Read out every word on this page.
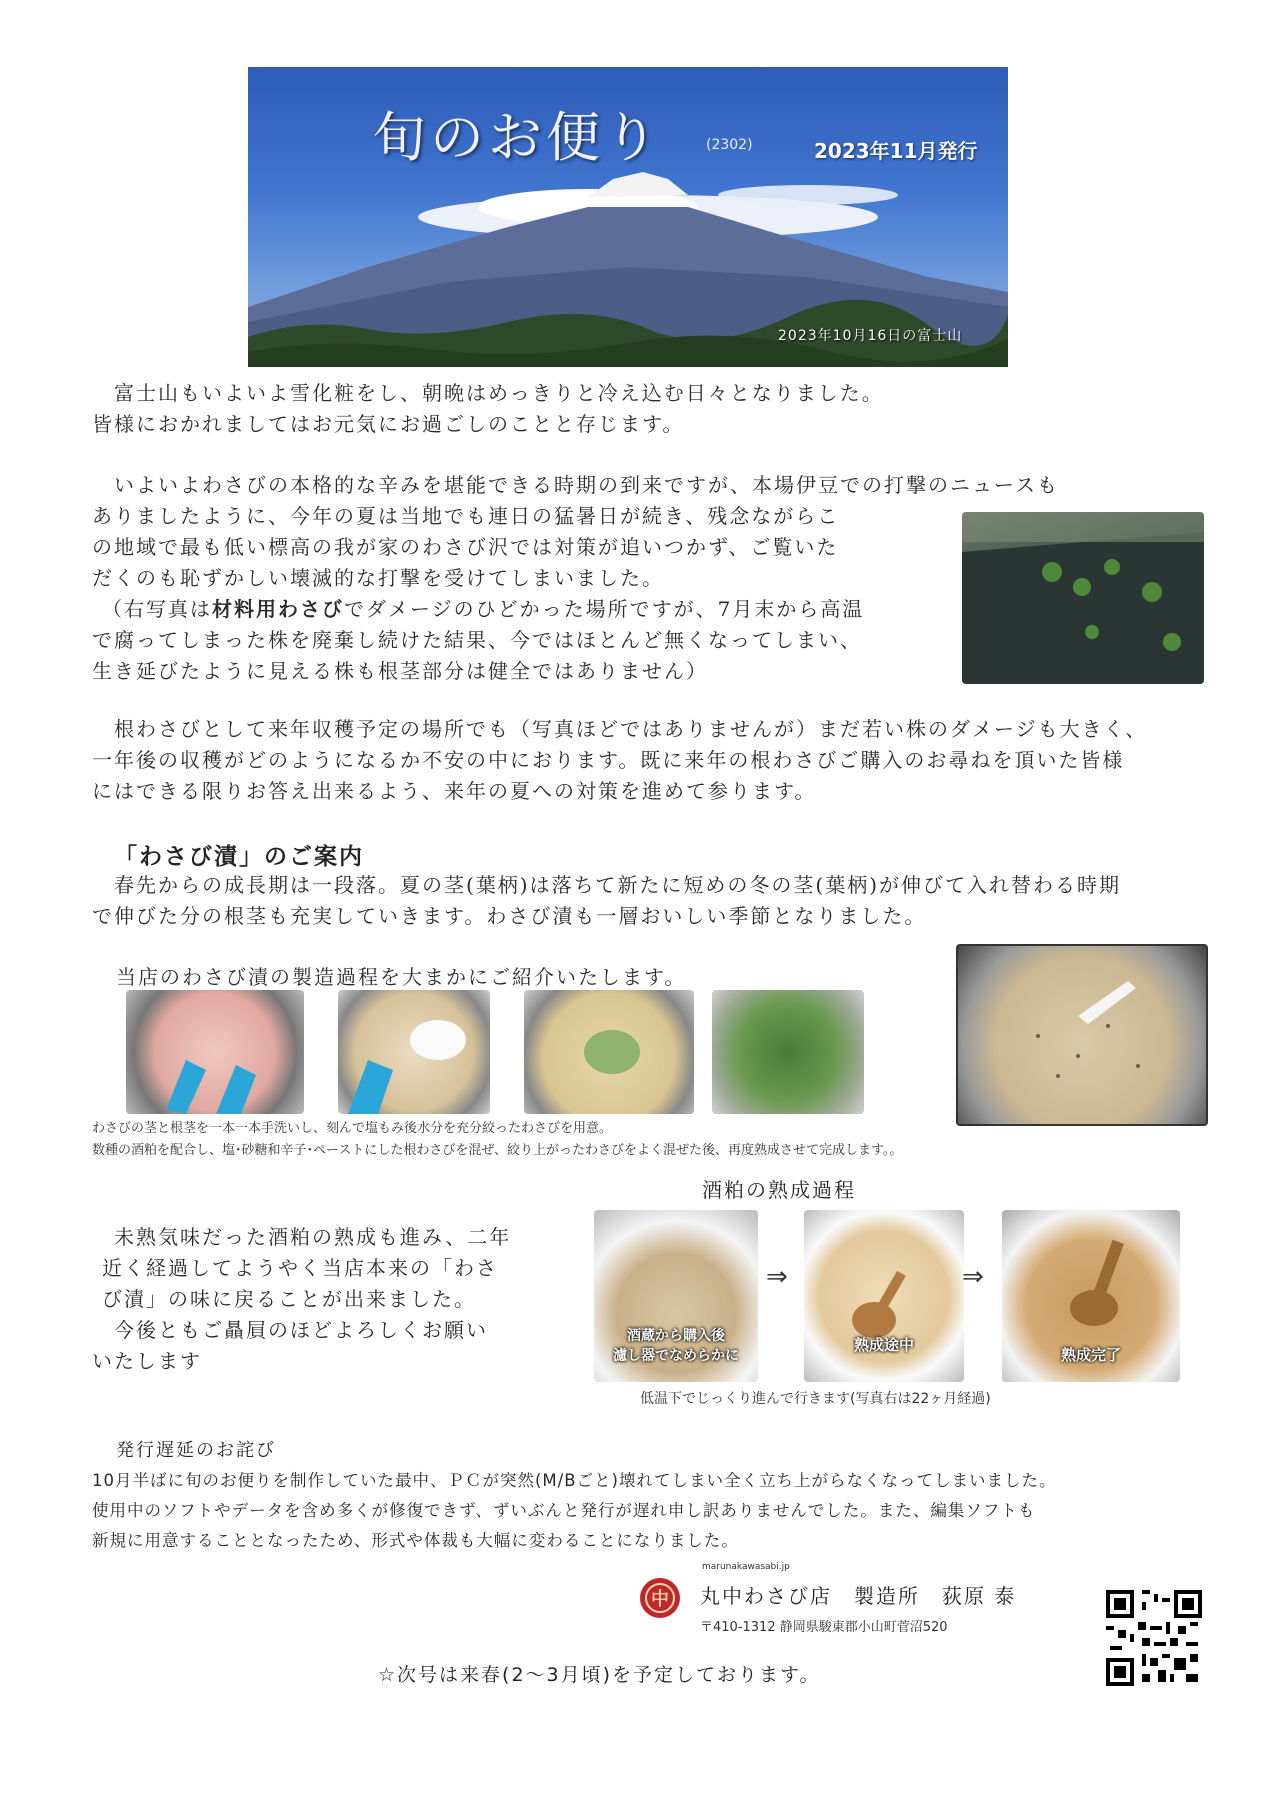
旬のお便り	(2302)	2023年11月発行
2023年10月16日の富士山

富士山もいよいよ雪化粧をし、朝晩はめっきりと冷え込む日々となりました。

皆様におかれましてはお元気にお過ごしのことと存じます。

いよいよわさびの本格的な辛みを堪能できる時期の到来ですが、本場伊豆での打撃のニュースも

ありましたように、今年の夏は当地でも連日の猛暑日が続き、残念ながらこ

の地域で最も低い標高の我が家のわさび沢では対策が追いつかず、ご覧いた

だくのも恥ずかしい壊滅的な打撃を受けてしまいました。

（右写真は材料用わさびでダメージのひどかった場所ですが、7月末から高温

で腐ってしまった株を廃棄し続けた結果、今ではほとんど無くなってしまい、

生き延びたように見える株も根茎部分は健全ではありません）

根わさびとして来年収穫予定の場所でも（写真ほどではありませんが）まだ若い株のダメージも大きく、

一年後の収穫がどのようになるか不安の中におります。既に来年の根わさびご購入のお尋ねを頂いた皆様

にはできる限りお答え出来るよう、来年の夏への対策を進めて参ります。

「わさび漬」のご案内

春先からの成長期は一段落。夏の茎(葉柄)は落ちて新たに短めの冬の茎(葉柄)が伸びて入れ替わる時期

で伸びた分の根茎も充実していきます。わさび漬も一層おいしい季節となりました。

当店のわさび漬の製造過程を大まかにご紹介いたします。

わさびの茎と根茎を一本一本手洗いし、刻んで塩もみ後水分を充分絞ったわさびを用意。
数種の酒粕を配合し、塩･砂糖和辛子･ペーストにした根わさびを混ぜ、絞り上がったわさびをよく混ぜた後、再度熟成させて完成します。。
酒粕の熟成過程

未熟気味だった酒粕の熟成も進み、二年

近く経過してようやく当店本来の「わさ

び漬」の味に戻ることが出来ました。

今後ともご贔屓のほどよろしくお願い

いたします

酒蔵から購入後
濾し器でなめらかに
⇒
熟成途中
⇒
熟成完了
低温下でじっくり進んで行きます(写真右は22ヶ月経過)
発行遅延のお詫び
10月半ばに旬のお便りを制作していた最中、ＰＣが突然(M/Bごと)壊れてしまい全く立ち上がらなくなってしまいました。
使用中のソフトやデータを含め多くが修復できず、ずいぶんと発行が遅れ申し訳ありませんでした。また、編集ソフトも
新規に用意することとなったため、形式や体裁も大幅に変わることになりました。
marunakawasabi.jp
中	丸中わさび店　製造所　荻原 泰
〒410-1312 静岡県駿東郡小山町菅沼520
☆次号は来春(2～3月頃)を予定しております。
